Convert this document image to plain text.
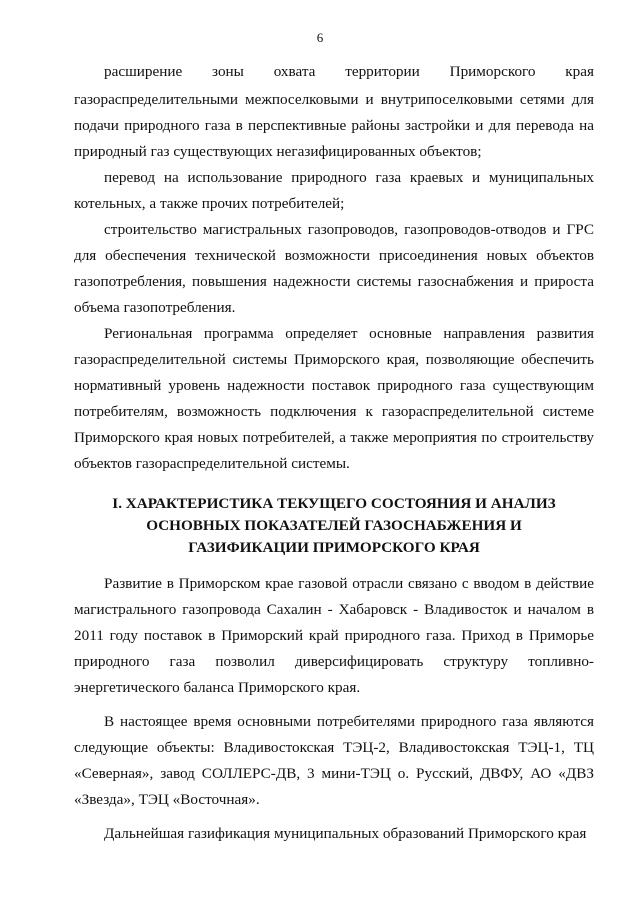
6
расширение зоны охвата территории Приморского края
газораспределительными межпоселковыми и внутрипоселковыми сетями для
подачи природного газа в перспективные районы застройки и для перевода на
природный газ существующих негазифицированных объектов;
перевод на использование природного газа краевых и муниципальных
котельных, а также прочих потребителей;
строительство магистральных газопроводов, газопроводов-отводов и ГРС
для обеспечения технической возможности присоединения новых объектов
газопотребления, повышения надежности системы газоснабжения и прироста
объема газопотребления.
Региональная программа определяет основные направления развития
газораспределительной системы Приморского края, позволяющие обеспечить
нормативный уровень надежности поставок природного газа существующим
потребителям, возможность подключения к газораспределительной системе
Приморского края новых потребителей, а также мероприятия по строительству
объектов газораспределительной системы.
I. ХАРАКТЕРИСТИКА ТЕКУЩЕГО СОСТОЯНИЯ И АНАЛИЗ
ОСНОВНЫХ ПОКАЗАТЕЛЕЙ ГАЗОСНАБЖЕНИЯ И
ГАЗИФИКАЦИИ ПРИМОРСКОГО КРАЯ
Развитие в Приморском крае газовой отрасли связано с вводом в действие
магистрального газопровода Сахалин - Хабаровск - Владивосток и началом в
2011 году поставок в Приморский край природного газа. Приход в Приморье
природного газа позволил диверсифицировать структуру топливно-
энергетического баланса Приморского края.
В настоящее время основными потребителями природного газа являются
следующие объекты: Владивостокская ТЭЦ-2, Владивостокская ТЭЦ-1, ТЦ
«Северная», завод СОЛЛЕРС-ДВ, 3 мини-ТЭЦ о. Русский, ДВФУ, АО «ДВЗ
«Звезда», ТЭЦ «Восточная».
Дальнейшая газификация муниципальных образований Приморского края
